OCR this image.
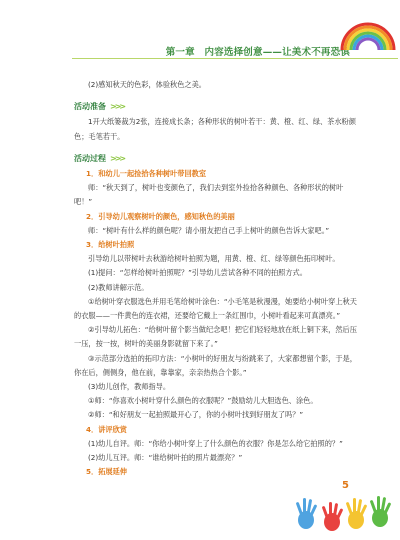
第一章　内容选择创意——让美术不再恐惧

(2)感知秋天的色彩，体验秋色之美。

活动准备 >>>

1开大纸篓裁为2张，连接成长条；各种形状的树叶若干：黄、橙、红、绿、茶水粉颜色；毛笔若干。

活动过程 >>>

1．和幼儿一起捡拾各种树叶带回教室

师：“秋天到了，树叶也变颜色了，我们去到室外捡拾各种颜色、各种形状的树叶吧！”

2．引导幼儿观察树叶的颜色，感知秋色的美丽

师：“树叶有什么样的颜色呢？请小朋友把自己手上树叶的颜色告诉大家吧。”

3．给树叶拍照

引导幼儿以带树叶去秋游给树叶拍照为题，用黄、橙、红、绿等颜色拓印树叶。

(1)提问：“怎样给树叶拍照呢？”引导幼儿尝试各种不同的拍照方式。

(2)教师讲解示范。

①给树叶穿衣服选色并用毛笔给树叶涂色：“小毛笔是秋漫漫，她要给小树叶穿上秋天的衣服——一件黄色的连衣裙，还要给它戴上一条红围巾，小树叶看起来可真漂亮。”

②引导幼儿拓色：“给树叶留个影当做纪念吧！把它们轻轻地放在纸上铜下来，然后压一压，按一按，树叶的美丽身影就留下来了。”

③示范部分选拍的拓印方法：“小树叶的好朋友与纷跳来了，大家都想留个影，于是，你在后，侧侧身，他在前，靠靠家，亲亲热热合个影。”

(3)幼儿创作，教师指导。

①师：“你喜欢小树叶穿什么颜色的衣服呢？”鼓励幼儿大胆选色、涂色。

②师：“和好朋友一起拍照最开心了，你的小树叶找到好朋友了吗？”

4．讲评欣赏

(1)幼儿自评。师：“你给小树叶穿上了什么颜色的衣服？你是怎么给它拍照的？”

(2)幼儿互评。师：“谁给树叶拍的照片最漂亮？”

5．拓展延伸

5
